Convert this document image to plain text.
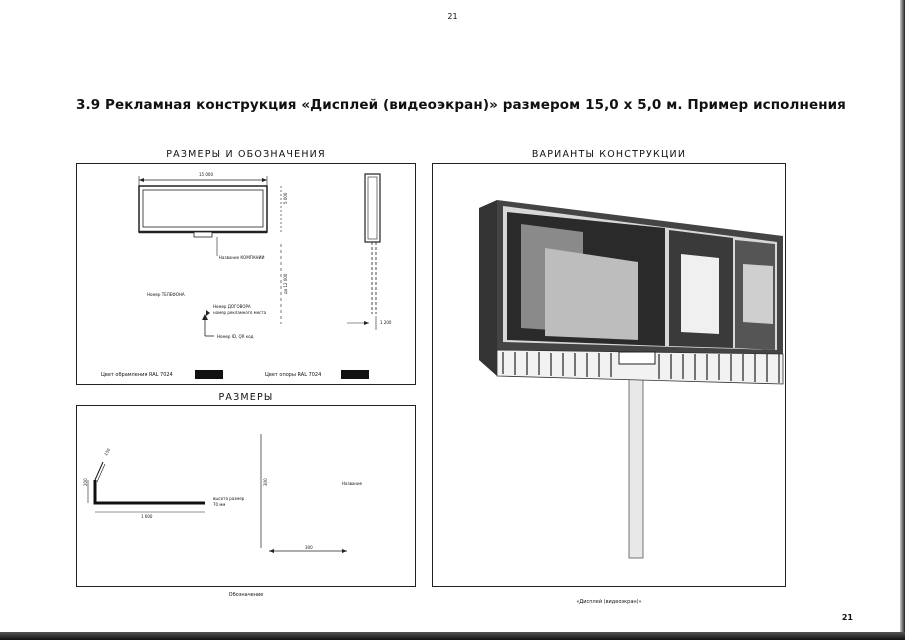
21
3.9 Рекламная конструкция «Дисплей (видеоэкран)» размером 15,0 х 5,0 м. Пример исполнения
РАЗМЕРЫ И ОБОЗНАЧЕНИЯ
15 000
5 000
до 12 000
1 200
Название КОМПАНИИ
Номер ТЕЛЕФОНА
Номер ДОГОВОРА
номер рекламного места
Номер ID, QR код
Цвет обрамления RAL 7024	Цвет опоры RAL 7024
РАЗМЕРЫ
200
150
1 600
высота размер
70 мм
300
300
Название
Обозначение
ВАРИАНТЫ КОНСТРУКЦИИ
«Дисплей (видеоэкран)»
21
